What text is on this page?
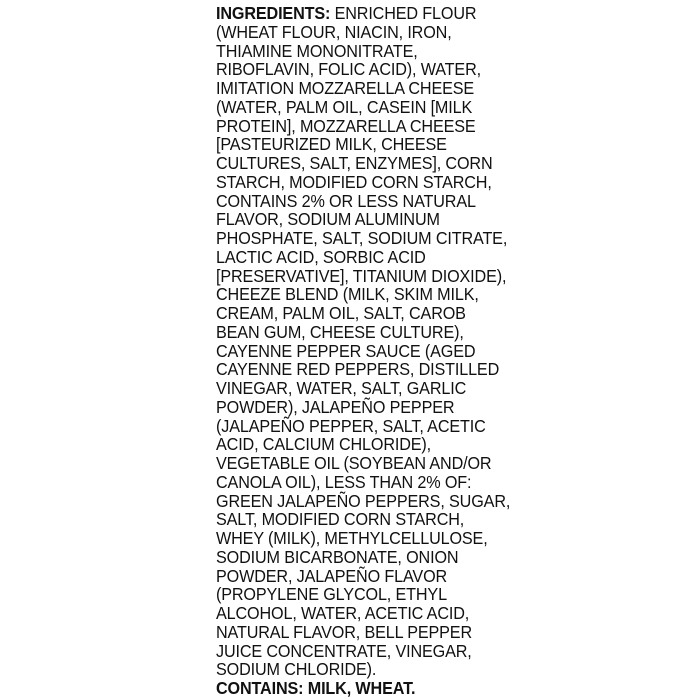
INGREDIENTS: ENRICHED FLOUR
(WHEAT FLOUR, NIACIN, IRON,
THIAMINE MONONITRATE,
RIBOFLAVIN, FOLIC ACID), WATER,
IMITATION MOZZARELLA CHEESE
(WATER, PALM OIL, CASEIN [MILK
PROTEIN], MOZZARELLA CHEESE
[PASTEURIZED MILK, CHEESE
CULTURES, SALT, ENZYMES], CORN
STARCH, MODIFIED CORN STARCH,
CONTAINS 2% OR LESS NATURAL
FLAVOR, SODIUM ALUMINUM
PHOSPHATE, SALT, SODIUM CITRATE,
LACTIC ACID, SORBIC ACID
[PRESERVATIVE], TITANIUM DIOXIDE),
CHEEZE BLEND (MILK, SKIM MILK,
CREAM, PALM OIL, SALT, CAROB
BEAN GUM, CHEESE CULTURE),
CAYENNE PEPPER SAUCE (AGED
CAYENNE RED PEPPERS, DISTILLED
VINEGAR, WATER, SALT, GARLIC
POWDER), JALAPEÑO PEPPER
(JALAPEÑO PEPPER, SALT, ACETIC
ACID, CALCIUM CHLORIDE),
VEGETABLE OIL (SOYBEAN AND/OR
CANOLA OIL), LESS THAN 2% OF:
GREEN JALAPEÑO PEPPERS, SUGAR,
SALT, MODIFIED CORN STARCH,
WHEY (MILK), METHYLCELLULOSE,
SODIUM BICARBONATE, ONION
POWDER, JALAPEÑO FLAVOR
(PROPYLENE GLYCOL, ETHYL
ALCOHOL, WATER, ACETIC ACID,
NATURAL FLAVOR, BELL PEPPER
JUICE CONCENTRATE, VINEGAR,
SODIUM CHLORIDE).
CONTAINS: MILK, WHEAT.
